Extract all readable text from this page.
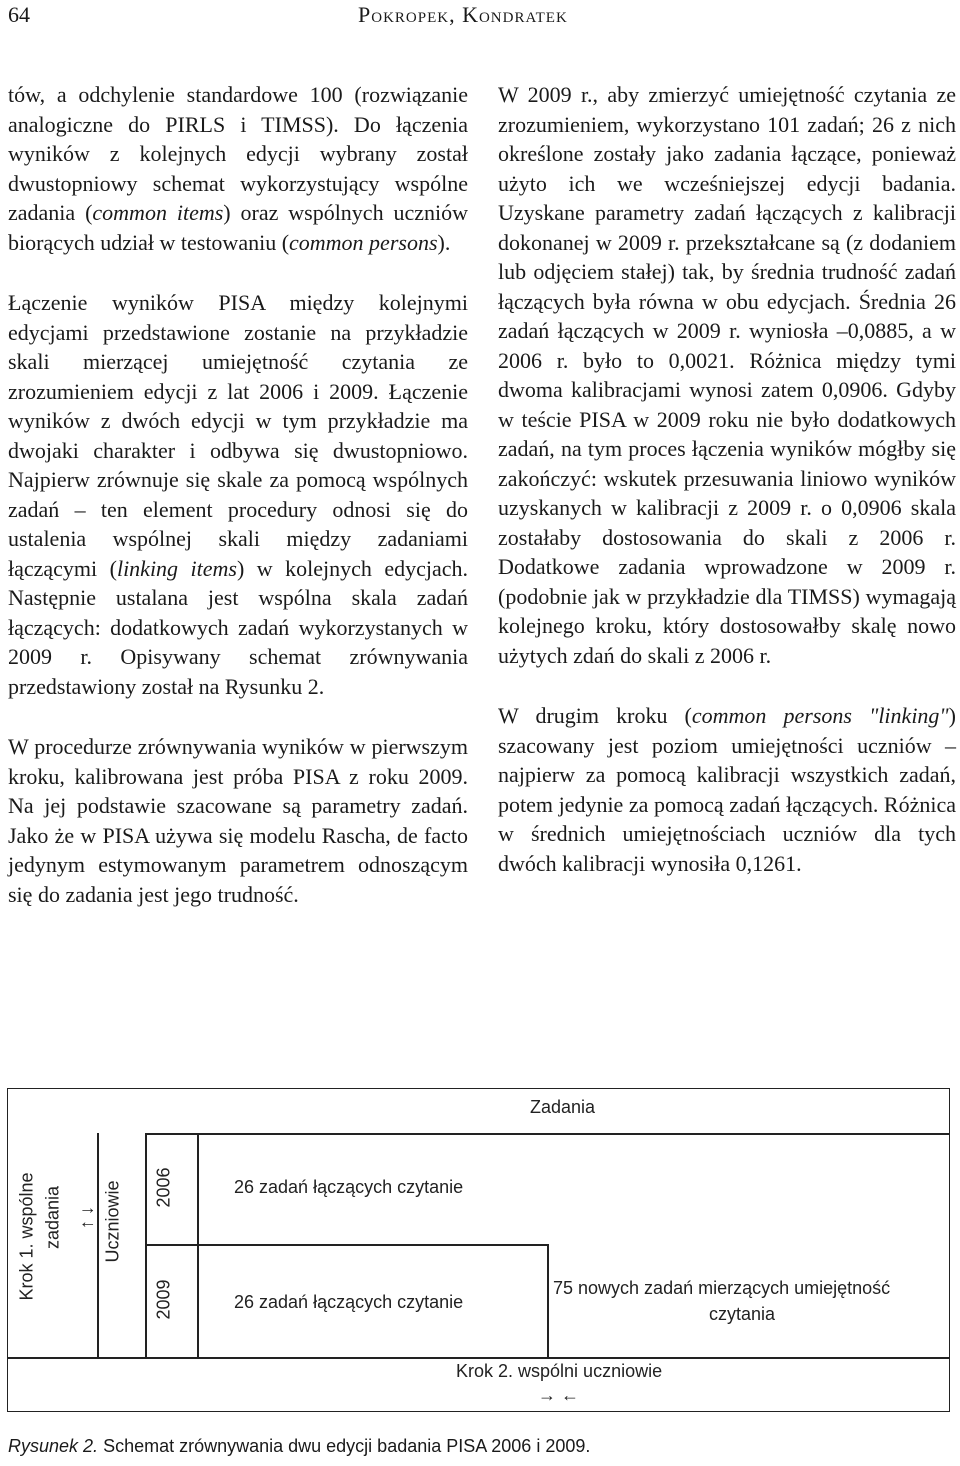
64	Pokropek, Kondratek

tów, a odchylenie standardowe 100 (rozwiązanie analogiczne do PIRLS i TIMSS). Do łączenia wyników z kolejnych edycji wybrany został dwustopniowy schemat wykorzystujący wspólne zadania (common items) oraz wspólnych uczniów biorących udział w testowaniu (common persons).

Łączenie wyników PISA między kolejnymi edycjami przedstawione zostanie na przykładzie skali mierzącej umiejętność czytania ze zrozumieniem edycji z lat 2006 i 2009. Łączenie wyników z dwóch edycji w tym przykładzie ma dwojaki charakter i odbywa się dwustopniowo. Najpierw zrównuje się skale za pomocą wspólnych zadań – ten element procedury odnosi się do ustalenia wspólnej skali między zadaniami łączącymi (linking items) w kolejnych edycjach. Następnie ustalana jest wspólna skala zadań łączących: dodatkowych zadań wykorzystanych w 2009 r. Opisywany schemat zrównywania przedstawiony został na Rysunku 2.

W procedurze zrównywania wyników w pierwszym kroku, kalibrowana jest próba PISA z roku 2009. Na jej podstawie szacowane są parametry zadań. Jako że w PISA używa się modelu Rascha, de facto jedynym estymowanym parametrem odnoszącym się do zadania jest jego trudność.

W 2009 r., aby zmierzyć umiejętność czytania ze zrozumieniem, wykorzystano 101 zadań; 26 z nich określone zostały jako zadania łączące, ponieważ użyto ich we wcześniejszej edycji badania. Uzyskane parametry zadań łączących z kalibracji dokonanej w 2009 r. przekształcane są (z dodaniem lub odjęciem stałej) tak, by średnia trudność zadań łączących była równa w obu edycjach. Średnia 26 zadań łączących w 2009 r. wyniosła –0,0885, a w 2006 r. było to 0,0021. Różnica między tymi dwoma kalibracjami wynosi zatem 0,0906. Gdyby w teście PISA w 2009 roku nie było dodatkowych zadań, na tym proces łączenia wyników mógłby się zakończyć: wskutek przesuwania liniowo wyników uzyskanych w kalibracji z 2009 r. o 0,0906 skala zostałaby dostosowania do skali z 2006 r. Dodatkowe zadania wprowadzone w 2009 r. (podobnie jak w przykładzie dla TIMSS) wymagają kolejnego kroku, który dostosowałby skalę nowo użytych zdań do skali z 2006 r.

W drugim kroku (common persons "linking") szacowany jest poziom umiejętności uczniów – najpierw za pomocą kalibracji wszystkich zadań, potem jedynie za pomocą zadań łączących. Różnica w średnich umiejętnościach uczniów dla tych dwóch kalibracji wynosiła 0,1261.

Zadania
Krok 1. wspólne zadania ↑ ↓ Uczniowie 2006
2009
26 zadań łączących czytanie
26 zadań łączących czytanie
75 nowych zadań mierzących umiejętność
czytania
Krok 2. wspólni uczniowie
→ ←
Rysunek 2. Schemat zrównywania dwu edycji badania PISA 2006 i 2009.
